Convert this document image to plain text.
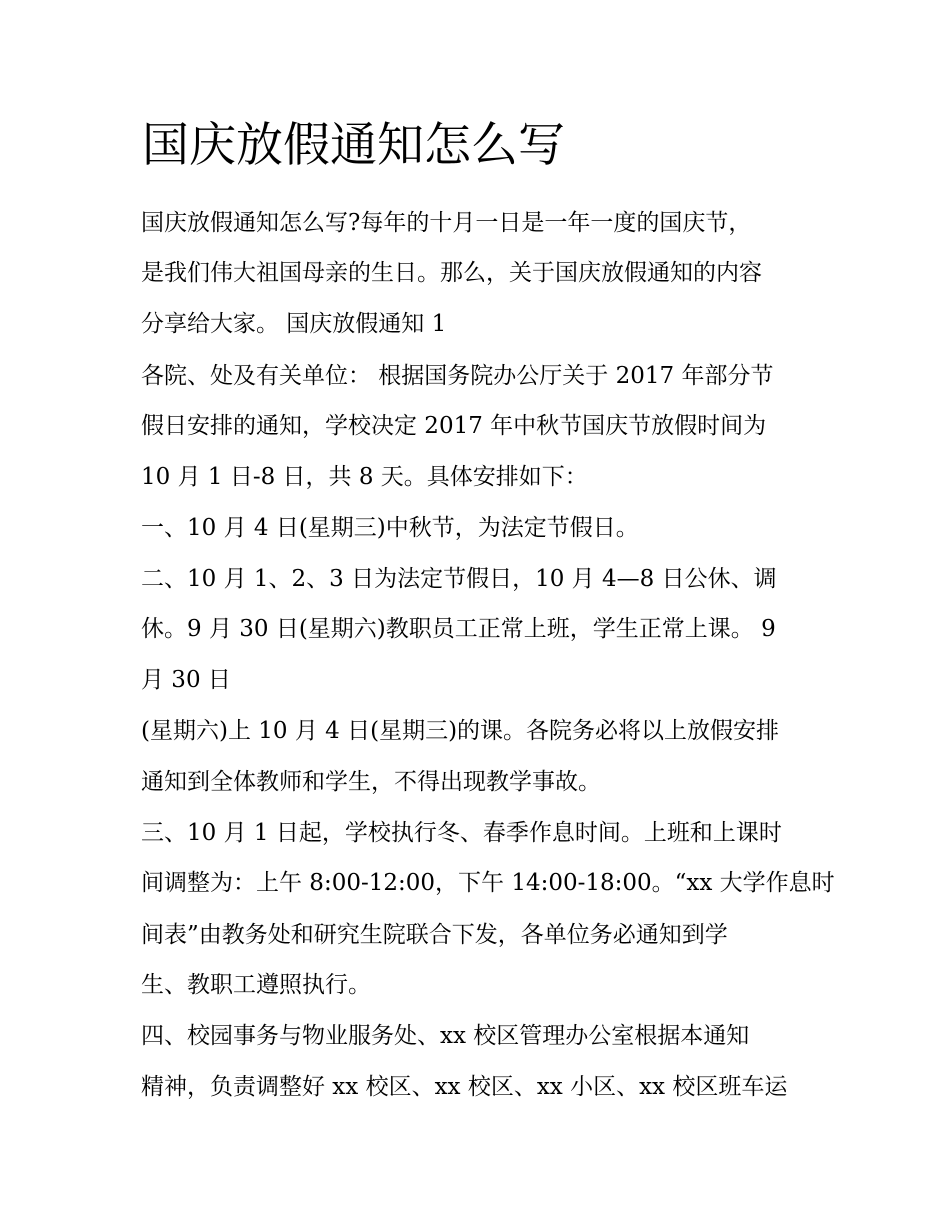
国庆放假通知怎么写

国庆放假通知怎么写?每年的十月一日是一年一度的国庆节，

是我们伟大祖国母亲的生日。那么，关于国庆放假通知的内容

分享给大家。 国庆放假通知 1

各院、处及有关单位： 根据国务院办公厅关于 2017 年部分节

假日安排的通知，学校决定 2017 年中秋节国庆节放假时间为

10 月 1 日-8 日，共 8 天。具体安排如下：

一、10 月 4 日(星期三)中秋节，为法定节假日。

二、10 月 1、2、3 日为法定节假日，10 月 4—8 日公休、调

休。9 月 30 日(星期六)教职员工正常上班，学生正常上课。 9

月 30 日

(星期六)上 10 月 4 日(星期三)的课。各院务必将以上放假安排

通知到全体教师和学生，不得出现教学事故。

三、10 月 1 日起，学校执行冬、春季作息时间。上班和上课时

间调整为：上午 8:00-12:00，下午 14:00-18:00。“xx 大学作息时

间表”由教务处和研究生院联合下发，各单位务必通知到学

生、教职工遵照执行。

四、校园事务与物业服务处、xx 校区管理办公室根据本通知

精神，负责调整好 xx 校区、xx 校区、xx 小区、xx 校区班车运
